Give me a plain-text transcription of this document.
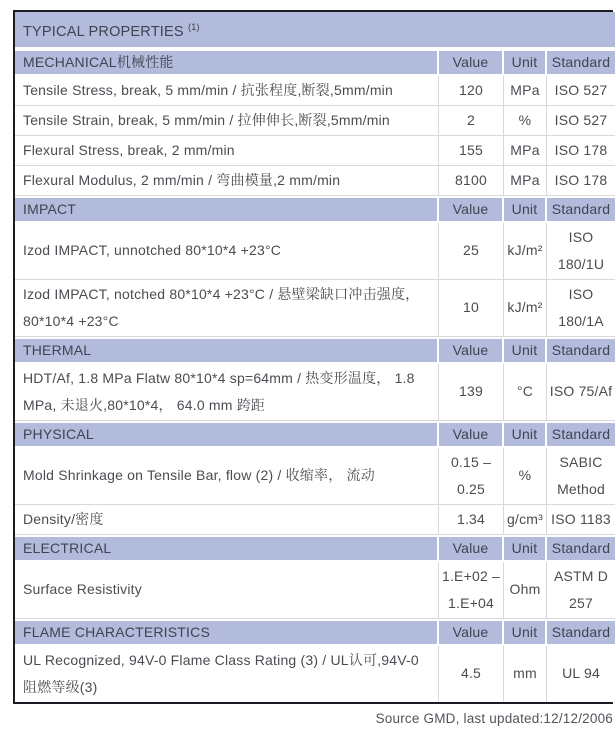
TYPICAL PROPERTIES $^{(1)}$
MECHANICAL机械性能	Value	Unit	Standard
Tensile Stress, break, 5 mm/min / 抗张程度,断裂,5mm/min	120	MPa	ISO 527
Tensile Strain, break, 5 mm/min / 拉伸伸长,断裂,5mm/min	2	%	ISO 527
Flexural Stress, break, 2 mm/min	155	MPa	ISO 178
Flexural Modulus, 2 mm/min / 弯曲模量,2 mm/min	8100	MPa	ISO 178
IMPACT	Value	Unit	Standard
Izod IMPACT, unnotched 80*10*4 +23°C	25	kJ/m²	ISO 180/1U
Izod IMPACT, notched 80*10*4 +23°C / 悬壁梁缺口冲击强度，80*10*4 +23°C	10	kJ/m²	ISO 180/1A
THERMAL	Value	Unit	Standard
HDT/Af, 1.8 MPa Flatw 80*10*4 sp=64mm / 热变形温度， 1.8 MPa, 未退火,80*10*4， 64.0 mm 跨距	139	°C	ISO 75/Af
PHYSICAL	Value	Unit	Standard
Mold Shrinkage on Tensile Bar, flow (2) / 收缩率， 流动	0.15 – 0.25	%	SABIC Method
Density/密度	1.34	g/cm³	ISO 1183
ELECTRICAL	Value	Unit	Standard
Surface Resistivity	1.E+02 – 1.E+04	Ohm	ASTM D 257
FLAME CHARACTERISTICS	Value	Unit	Standard
UL Recognized, 94V-0 Flame Class Rating (3) / UL认可,94V-0 阻燃等级(3)	4.5	mm	UL 94
Source GMD, last updated:12/12/2006
